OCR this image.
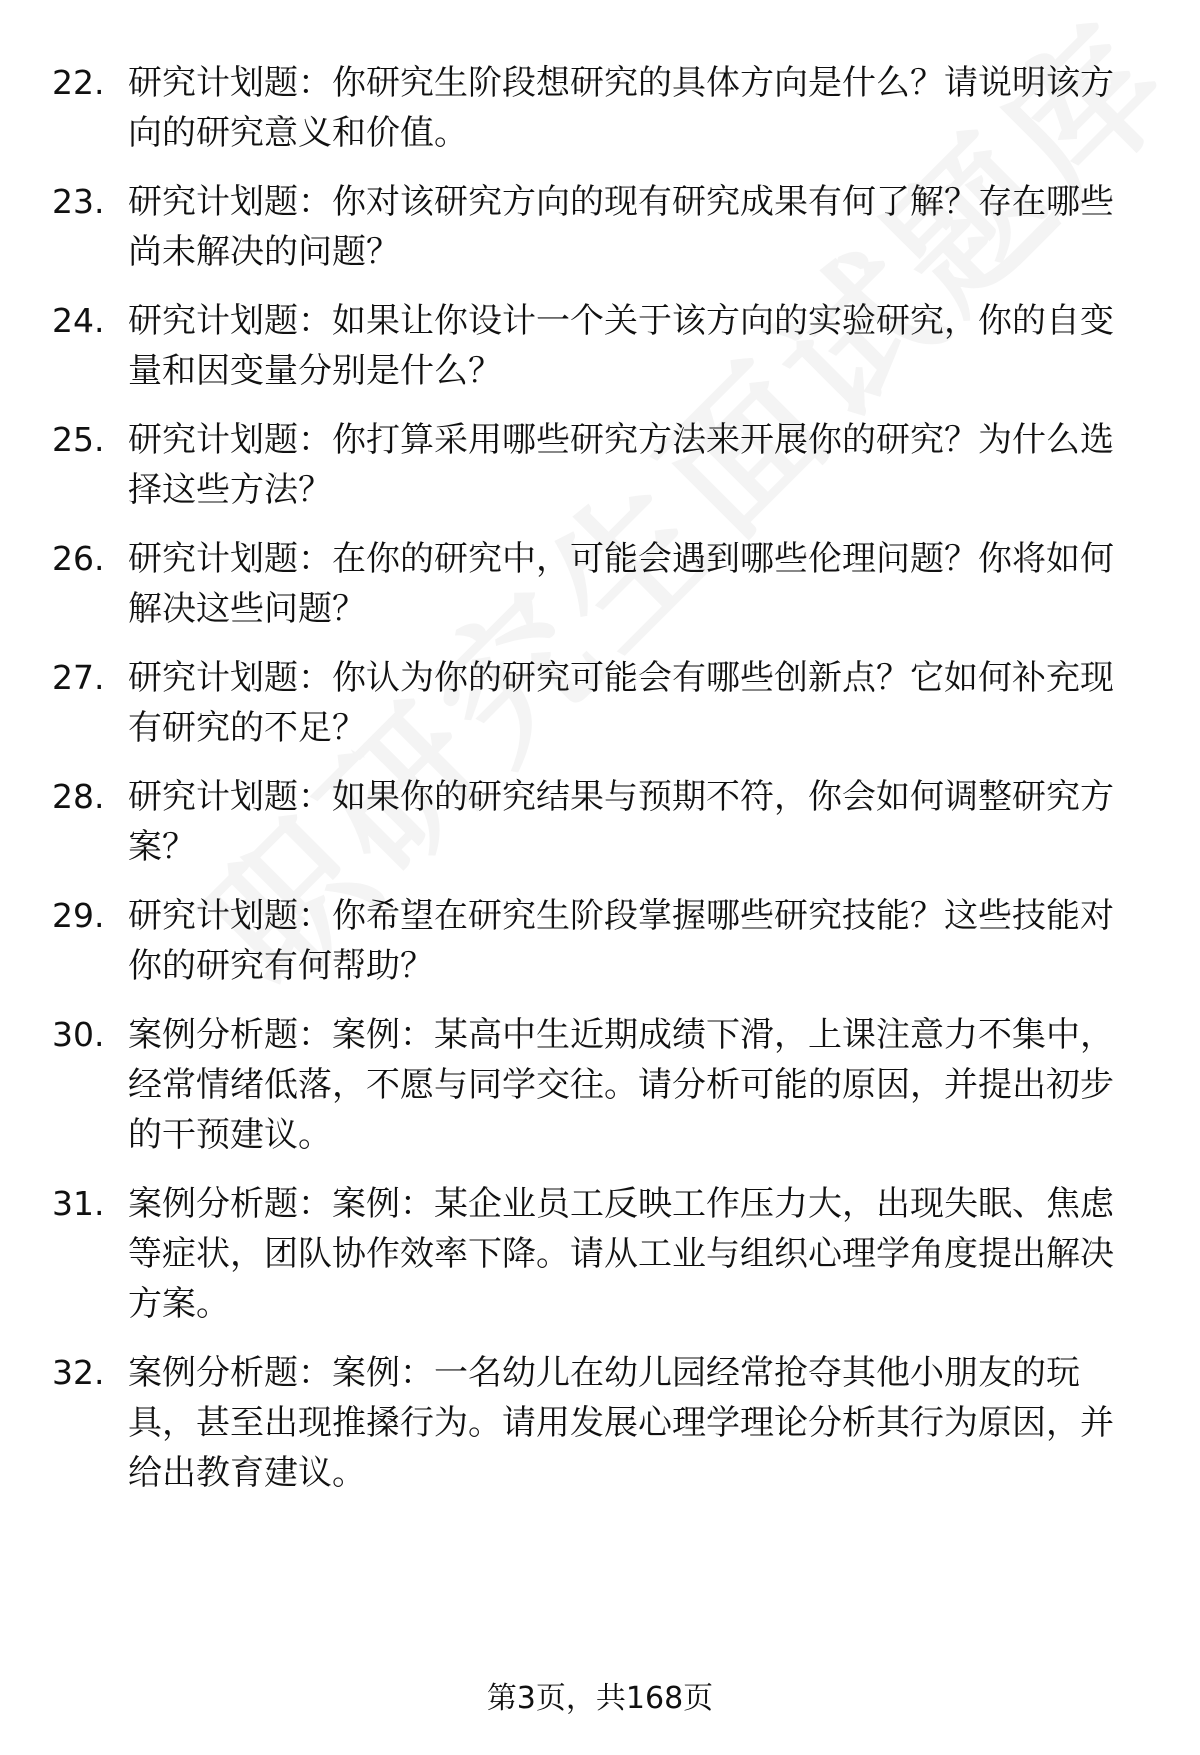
22. 研究计划题：你研究生阶段想研究的具体方向是什么？请说明该方向的研究意义和价值。
23. 研究计划题：你对该研究方向的现有研究成果有何了解？存在哪些尚未解决的问题？
24. 研究计划题：如果让你设计一个关于该方向的实验研究，你的自变量和因变量分别是什么？
25. 研究计划题：你打算采用哪些研究方法来开展你的研究？为什么选择这些方法？
26. 研究计划题：在你的研究中，可能会遇到哪些伦理问题？你将如何解决这些问题？
27. 研究计划题：你认为你的研究可能会有哪些创新点？它如何补充现有研究的不足？
28. 研究计划题：如果你的研究结果与预期不符，你会如何调整研究方案？
29. 研究计划题：你希望在研究生阶段掌握哪些研究技能？这些技能对你的研究有何帮助？
30. 案例分析题：案例：某高中生近期成绩下滑，上课注意力不集中，经常情绪低落，不愿与同学交往。请分析可能的原因，并提出初步的干预建议。
31. 案例分析题：案例：某企业员工反映工作压力大，出现失眠、焦虑等症状，团队协作效率下降。请从工业与组织心理学角度提出解决方案。
32. 案例分析题：案例：一名幼儿在幼儿园经常抢夺其他小朋友的玩具，甚至出现推搡行为。请用发展心理学理论分析其行为原因，并给出教育建议。
第3页，共168页
